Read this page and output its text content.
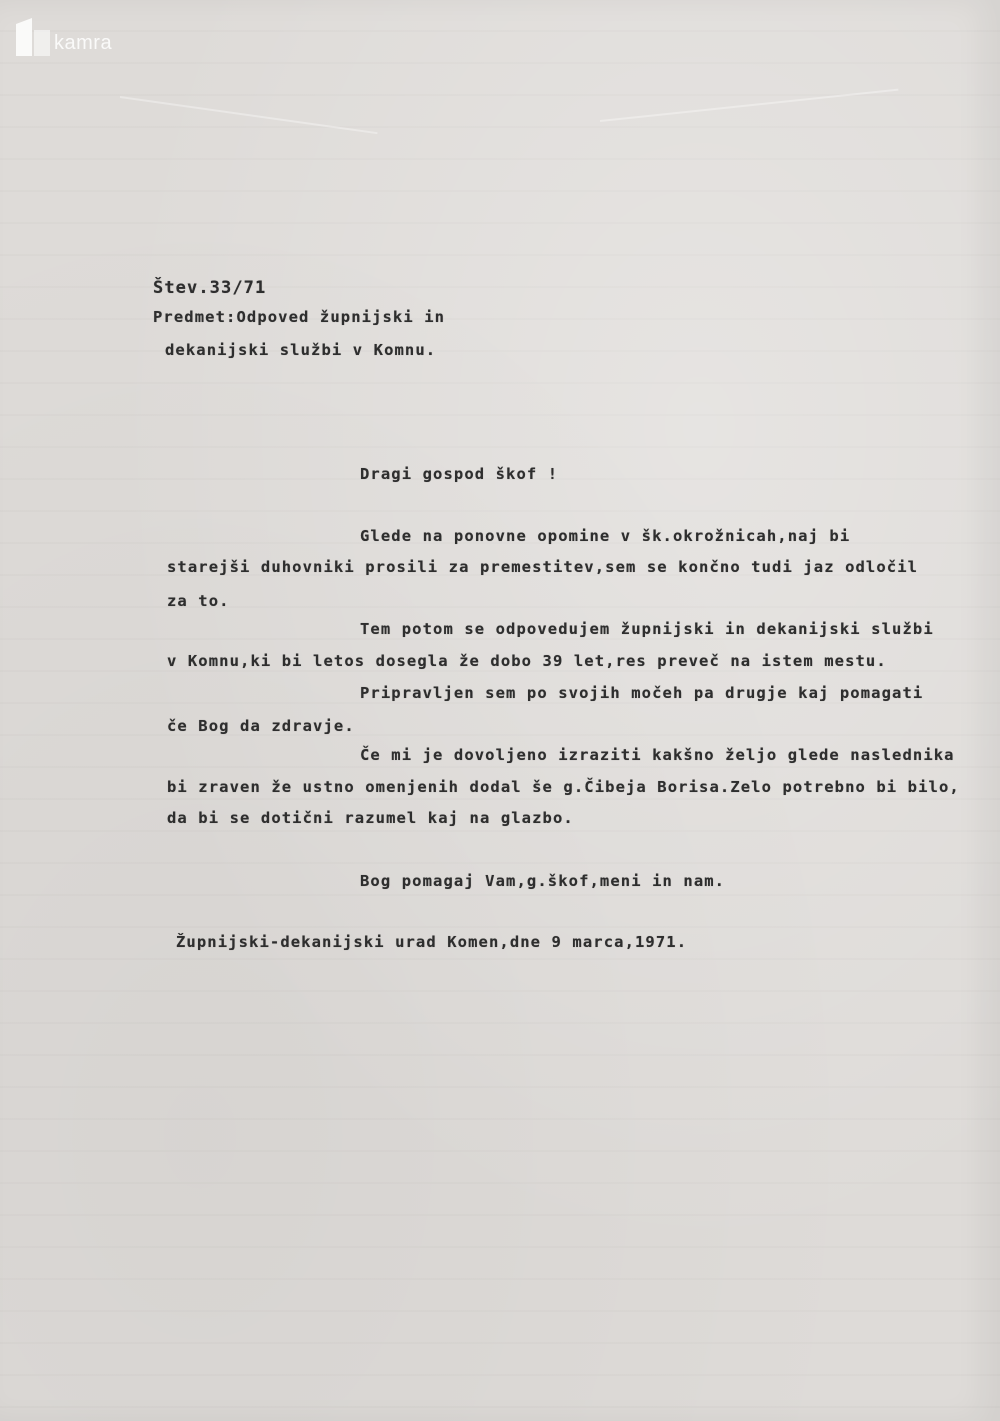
kamra
Štev.33/71
Predmet:Odpoved župnijski in
dekanijski službi v Komnu.
Dragi gospod škof !
Glede na ponovne opomine v šk.okrožnicah,naj bi
starejši duhovniki prosili za premestitev,sem se končno tudi jaz odločil
za to.
Tem potom se odpovedujem župnijski in dekanijski službi
v Komnu,ki bi letos dosegla že dobo 39 let,res preveč na istem mestu.
Pripravljen sem po svojih močeh pa drugje kaj pomagati
če Bog da zdravje.
Če mi je dovoljeno izraziti kakšno željo glede naslednika
bi zraven že ustno omenjenih dodal še g.Čibeja Borisa.Zelo potrebno bi bilo,
da bi se dotični razumel kaj na glazbo.
Bog pomagaj Vam,g.škof,meni in nam.
Župnijski-dekanijski urad Komen,dne 9 marca,1971.
